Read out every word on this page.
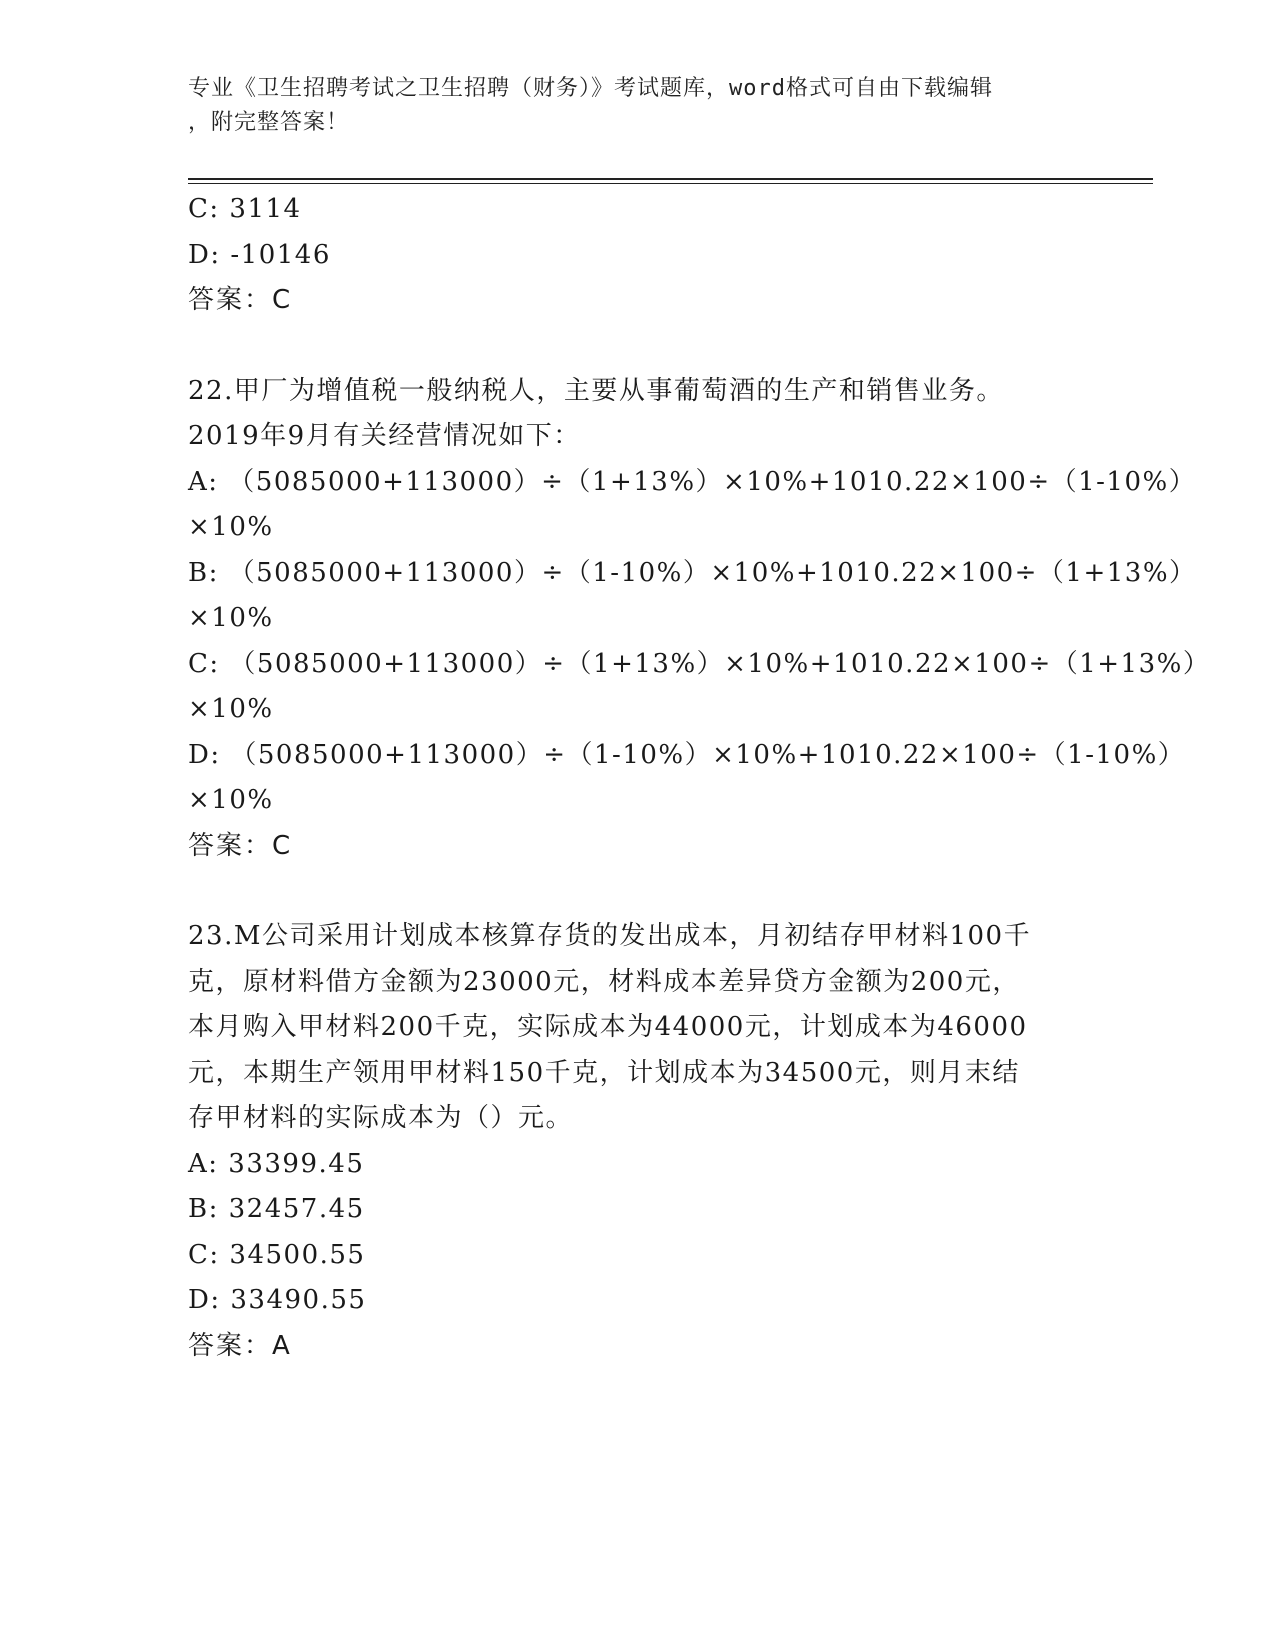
专业《卫生招聘考试之卫生招聘（财务）》考试题库，word格式可自由下载编辑
，附完整答案！
C: 3114
D: -10146
答案：C
22.甲厂为增值税一般纳税人，主要从事葡萄酒的生产和销售业务。
2019年9月有关经营情况如下：
A: （5085000+113000）÷（1+13%）×10%+1010.22×100÷（1-10%）
×10%
B: （5085000+113000）÷（1-10%）×10%+1010.22×100÷（1+13%）
×10%
C: （5085000+113000）÷（1+13%）×10%+1010.22×100÷（1+13%）
×10%
D: （5085000+113000）÷（1-10%）×10%+1010.22×100÷（1-10%）
×10%
答案：C
23.M公司采用计划成本核算存货的发出成本，月初结存甲材料100千
克，原材料借方金额为23000元，材料成本差异贷方金额为200元，
本月购入甲材料200千克，实际成本为44000元，计划成本为46000
元，本期生产领用甲材料150千克，计划成本为34500元，则月末结
存甲材料的实际成本为（）元。
A: 33399.45
B: 32457.45
C: 34500.55
D: 33490.55
答案：A
